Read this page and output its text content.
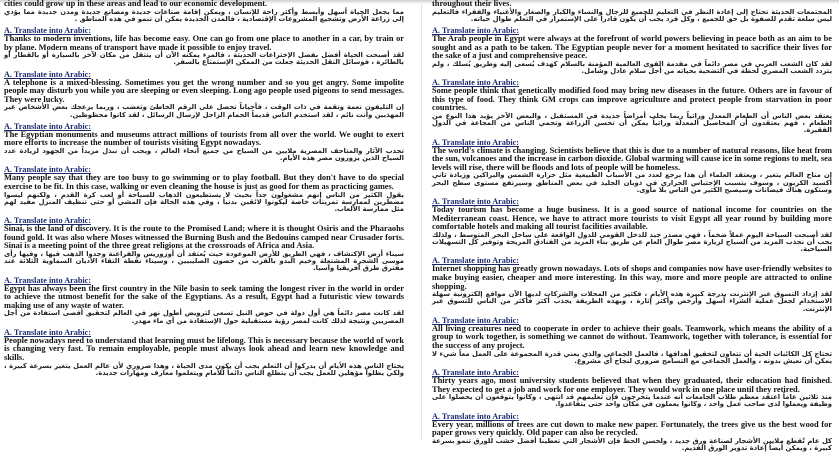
cities could grow up in these areas and lead to our economic development.

مما يجعل الحياة أسهل وأبسط وأكثر راحة للإنسان ، ويمكن إقامة صناعات جديدة ومصانع جديدة ومدن جديدة مما يؤدي إلى زراعة الأرض وتشجيع المشروعات الإقتصادية ، فالمدن الجديدة يمكن أن تنمو في هذه المناطق .

A. Translate into Arabic:

Thanks to modern inventions, life has become easy. One can go from one place to another in a car, by train or by plane. Modern means of transport have made it possible to enjoy travel.

لقد أصبحت الحياة أفضل بفضل الإختراعات الحديثة ، فالمرء يمكنه الآن أن ينتقل من مكان لآخر بالسيارة أو بالقطار أو بالطائرة ، فوسائل النقل الحديثة جعلت من الممكن الإستمتاع بالسفر.

A. Translate into Arabic:

A telephone is a mixed-blessing. Sometimes you get the wrong number and so you get angry. Some impolite people may disturb you while you are sleeping or even sleeping. Long ago people used pigeons to send messages. They were lucky.

إن التليفون نعمة ونقمة في ذات الوقت ، فأحياناً تحصل على الرقم الخاطئ وتغضب ، وربما يزعجك بعض الأشخاص غير المهذبين وأنت نائم ، لقد استخدم الناس قديماً الحمام الزاجل لإرسال الرسائل ، لقد كانوا محظوظين.

A. Translate into Arabic:

The Egyptian monuments and museums attract millions of tourists from all over the world. We ought to exert more efforts to increase the number of tourists visiting Egypt nowadays.

تجذب الآثار والمتاحف المصرية ملايين من السياح من جميع أنحاء العالم ، ويجب أن نبذل مزيداً من الجهود لزيادة عدد السياح الذين يزورون مصر هذه الأيام.

A. Translate into Arabic:

Many people say that they are too busy to go swimming or to play football. But they don't have to do special exercise to be fit. In this case, walking or even cleaning the house is just as good for them as practicing games.

يقول الكثير من الناس إنهم مشغولون جداً بحيث لا يستطيعون الذهاب للسباحة أو لعب كرة القدم ، ولكنهم ليسوا مضطرين لممارسة تمرينات خاصة ليكونوا لائقين بدنياً ، وفي هذه الحالة فإن المشي أو حتى تنظيف المنزل مفيد لهم مثل ممارسة الألعاب.

A. Translate into Arabic:

Sinai, is the land of discovery. It is the route to the Promised Land; where it is thought Osiris and the Pharaohs found gold. It was also where Moses witnessed the Burning Bush and the Bedouins camped near Crusader forts. Sinai is a meeting point of the three great religions at the crossroads of Africa and Asia.

سيناء أرض الإكتشاف ، فهي الطريق للأرض الموعودة حيث يُعتقد أن أوزوريس والفراعنة وجدوا الذهب فيها ، وفيها رأى موسى الشجرة المشتعلة وخيم البدو بالقرب من حصون الصليبيين ، وسيناء نقطة التقاء الأديان السماوية الثلاثة عند مفترق طرق أفريقيا وآسيا.

A. Translate into Arabic:

Egypt has always been the first country in the Nile basin to seek taming the longest river in the world in order to achieve the utmost benefit for the sake of the Egyptians. As a result, Egypt had a futuristic view towards making use of any waste of water.

لقد كانت مصر دائماً هي أول دولة في حوض النيل تسعى لترويض أطول نهر في العالم لتحقيق أقصى استفادة من أجل المصريين ونتيجة لذلك كانت لمصر رؤية مستقبلية حول الإستفادة من أي ماء مهدر.

A. Translate into Arabic:

People nowadays need to understand that learning must be lifelong. This is necessary because the world of work is changing very fast. To remain employable, people must always look ahead and learn new knowledge and skills.

يحتاج الناس هذه الأيام أن يدركوا أن التعلم يجب أن يكون مدى الحياة ، وهذا ضروري لأن عالم العمل يتغير بسرعة كبيرة ، ولكي يظلوا مؤهلين للعمل يجب أن يتطلع الناس دائماً للأمام ويتعلموا معارف ومهارات جديدة.

throughout their lives.

المجتمعات الحديثة تحتاج إلى إعادة النظر في التعليم للجميع للرجال والنساء والكبار والصغار والأغنياء والفقراء فالتعليم ليس سلعة تقدم للصفوة بل حق للجميع ، وكل فرد يجب أن يكون قادراً على الإستمرار في التعلم طوال حياته.

A. Translate into Arabic:

The Arab people in Egypt were always at the forefront of world powers believing in peace both as an aim to be sought and as a path to be taken. The Egyptian people never for a moment hesitated to sacrifice their lives for the sake of a just and comprehensive peace.

لقد كان الشعب العربي في مصر دائماً في مقدمة القوى العالمية المؤمنة بالسلام كهدف يُسعى إليه وطريق يُسلك ، ولم يتردد الشعب المصري لحظة في التضحية بحياته من أجل سلام عادل وشامل.

A. Translate into Arabic:

Some people think that genetically modified food may bring new diseases in the future. Others are in favour of this type of food. They think GM crops can improve agriculture and protect people from starvation in poor countries.

يعتقد بعض الناس أن الطعام المعدل وراثياً ربما يجلب أمراضاً جديدة في المستقبل ، والبعض الآخر يؤيد هذا النوع من الطعام ، فهم يعتقدون أن المحاصيل المعدلة وراثياً يمكن أن تحسن الزراعة وتحمي الناس من المجاعة في الدول الفقيرة.

A. Translate into Arabic:

The world's climate is changing. Scientists believe that this is due to a number of natural reasons, like heat from the sun, volcanoes and the increase in carbon dioxide. Global warming will cause ice in some regions to melt, sea levels will rise, there will be floods and lots of people will be homeless.

إن مناخ العالم يتغير ، ويعتقد العلماء أن هذا يرجع لعدد من الأسباب الطبيعية مثل حرارة الشمس والبراكين وزيادة ثاني أكسيد الكربون ، وسوف يتسبب الإحتباس الحراري في ذوبان الجليد في بعض المناطق وسيرتفع مستوى سطح البحر وستكون هناك فيضانات وسيصبح الكثير من الناس بلا مأوى.

A. Translate into Arabic:

Today tourism has become a huge business. It is a good source of national income for countries on the Mediterranean coast. Hence, we have to attract more tourists to visit Egypt all year round by building more comfortable hotels and making all tourist facilities available.

لقد أصبحت السياحة اليوم عملاً ضخماً ، فهي مصدر جيد للدخل القومي للدول الواقعة على ساحل البحر المتوسط ، ولذلك يجب أن نجذب المزيد من السياح لزيارة مصر طوال العام عن طريق بناء المزيد من الفنادق المريحة وتوفير كل التسهيلات السياحية.

A. Translate into Arabic:

Internet shopping has greatly grown nowadays. Lots of shops and companies now have user-friendly websites to make buying easier, cheaper and more interesting. In this way, more and more people are attracted to online shopping.

لقد إزداد التسوق عبر الإنترنت بدرجة كبيرة هذه الأيام ، فكثير من المحلات والشركات لديها الآن مواقع إلكترونية سهلة الاستخدام لجعل عملية الشراء أسهل وأرخص وأكثر إثارة ، وبهذه الطريقة يجذب أكثر فأكثر من الناس للتسوق عبر الإنترنت.

A. Translate into Arabic:

All living creatures need to cooperate in order to achieve their goals. Teamwork, which means the ability of a group to work together, is something we cannot do without. Teamwork, together with tolerance, is essential for the success of any project.

تحتاج كل الكائنات الحية أن تتعاون لتحقيق أهدافها ، فالعمل الجماعي والذي يعني قدرة المجموعة على العمل معاً شيء لا يمكن أن نعيش بدونه ، والعمل الجماعي مع التسامح ضروري لنجاح أي مشروع.

A. Translate into Arabic:

Thirty years ago, most university students believed that when they graduated, their education had finished. They expected to get a job and work for one employer. They would work in one place until they retired.

منذ ثلاثين عاماً اعتقد معظم طلاب الجامعات أنه عندما يتخرجون فإن تعليمهم قد انتهى ، وكانوا يتوقعون أن يحصلوا على وظيفة ويعملوا لدى صاحب عمل واحد ، وكانوا يعملون في مكان واحد حتى يتقاعدوا.

A. Translate into Arabic:

Every year, millions of trees are cut down to make new paper. Fortunately, the trees give us the best wood for paper grows very quickly. Old paper can also be recycled.

كل عام تُقطع ملايين الأشجار لصناعة ورق جديد ، ولحسن الحظ فإن الأشجار التي تعطينا أفضل خشب للورق تنمو بسرعة كبيرة ، ويمكن أيضاً إعادة تدوير الورق القديم.
